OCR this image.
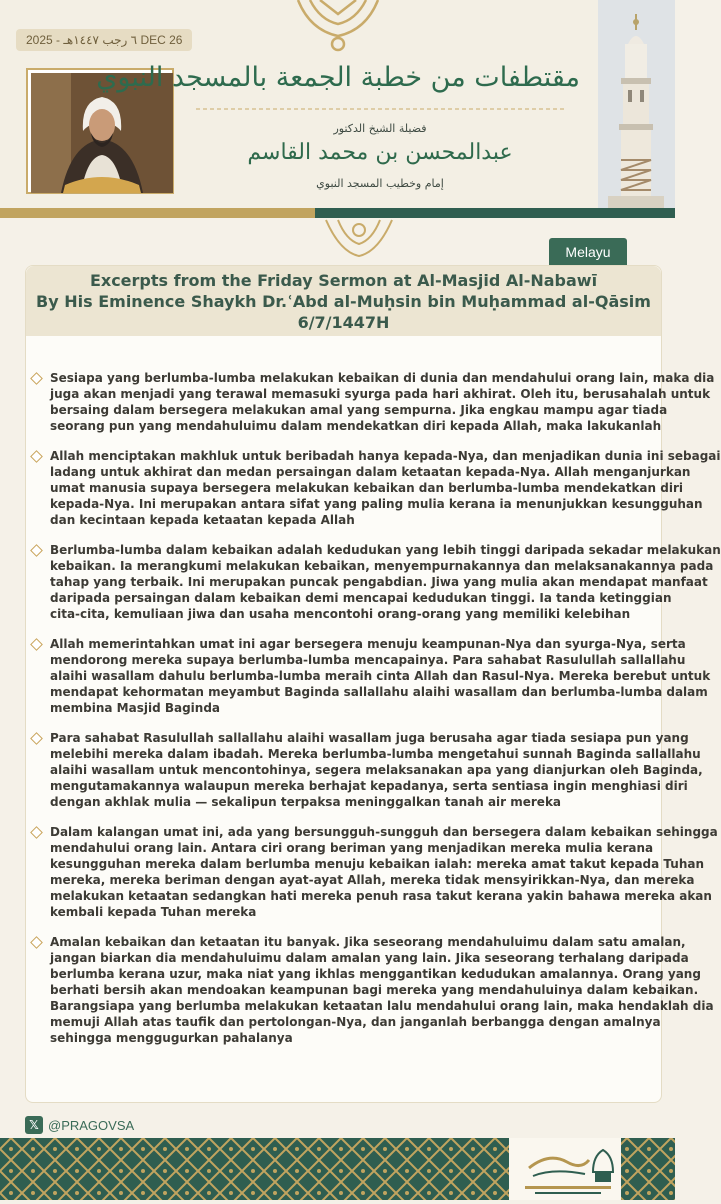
٦ رجب ١٤٤٧هـ - 2025 DEC 26
مقتطفات من خطبة الجمعة بالمسجد النبوي
فضيلة الشيخ الدكتور
عبدالمحسن بن محمد القاسم
إمام وخطيب المسجد النبوي
Melayu
Excerpts from the Friday Sermon at Al-Masjid Al-Nabawī
By His Eminence Shaykh Dr.ʿAbd al-Muḥsin bin Muḥammad al-Qāsim
6/7/1447H
Sesiapa yang berlumba-lumba melakukan kebaikan di dunia dan mendahului orang lain, maka dia
juga akan menjadi yang terawal memasuki syurga pada hari akhirat. Oleh itu, berusahalah untuk
bersaing dalam bersegera melakukan amal yang sempurna. Jika engkau mampu agar tiada
seorang pun yang mendahuluimu dalam mendekatkan diri kepada Allah, maka lakukanlah
Allah menciptakan makhluk untuk beribadah hanya kepada-Nya, dan menjadikan dunia ini sebagai
ladang untuk akhirat dan medan persaingan dalam ketaatan kepada-Nya. Allah menganjurkan
umat manusia supaya bersegera melakukan kebaikan dan berlumba-lumba mendekatkan diri
kepada-Nya. Ini merupakan antara sifat yang paling mulia kerana ia menunjukkan kesungguhan
dan kecintaan kepada ketaatan kepada Allah
Berlumba-lumba dalam kebaikan adalah kedudukan yang lebih tinggi daripada sekadar melakukan
kebaikan. Ia merangkumi melakukan kebaikan, menyempurnakannya dan melaksanakannya pada
tahap yang terbaik. Ini merupakan puncak pengabdian. Jiwa yang mulia akan mendapat manfaat
daripada persaingan dalam kebaikan demi mencapai kedudukan tinggi. Ia tanda ketinggian
cita-cita, kemuliaan jiwa dan usaha mencontohi orang-orang yang memiliki kelebihan
Allah memerintahkan umat ini agar bersegera menuju keampunan-Nya dan syurga-Nya, serta
mendorong mereka supaya berlumba-lumba mencapainya. Para sahabat Rasulullah sallallahu
alaihi wasallam dahulu berlumba-lumba meraih cinta Allah dan Rasul-Nya. Mereka berebut untuk
mendapat kehormatan meyambut Baginda sallallahu alaihi wasallam dan berlumba-lumba dalam
membina Masjid Baginda
Para sahabat Rasulullah sallallahu alaihi wasallam juga berusaha agar tiada sesiapa pun yang
melebihi mereka dalam ibadah. Mereka berlumba-lumba mengetahui sunnah Baginda sallallahu
alaihi wasallam untuk mencontohinya, segera melaksanakan apa yang dianjurkan oleh Baginda,
mengutamakannya walaupun mereka berhajat kepadanya, serta sentiasa ingin menghiasi diri
dengan akhlak mulia — sekalipun terpaksa meninggalkan tanah air mereka
Dalam kalangan umat ini, ada yang bersungguh-sungguh dan bersegera dalam kebaikan sehingga
mendahului orang lain. Antara ciri orang beriman yang menjadikan mereka mulia kerana
kesungguhan mereka dalam berlumba menuju kebaikan ialah: mereka amat takut kepada Tuhan
mereka, mereka beriman dengan ayat-ayat Allah, mereka tidak mensyirikkan-Nya, dan mereka
melakukan ketaatan sedangkan hati mereka penuh rasa takut kerana yakin bahawa mereka akan
kembali kepada Tuhan mereka
Amalan kebaikan dan ketaatan itu banyak. Jika seseorang mendahuluimu dalam satu amalan,
jangan biarkan dia mendahuluimu dalam amalan yang lain. Jika seseorang terhalang daripada
berlumba kerana uzur, maka niat yang ikhlas menggantikan kedudukan amalannya. Orang yang
berhati bersih akan mendoakan keampunan bagi mereka yang mendahuluinya dalam kebaikan.
Barangsiapa yang berlumba melakukan ketaatan lalu mendahului orang lain, maka hendaklah dia
memuji Allah atas taufik dan pertolongan-Nya, dan janganlah berbangga dengan amalnya
sehingga menggugurkan pahalanya
𝕏 @PRAGOVSA
